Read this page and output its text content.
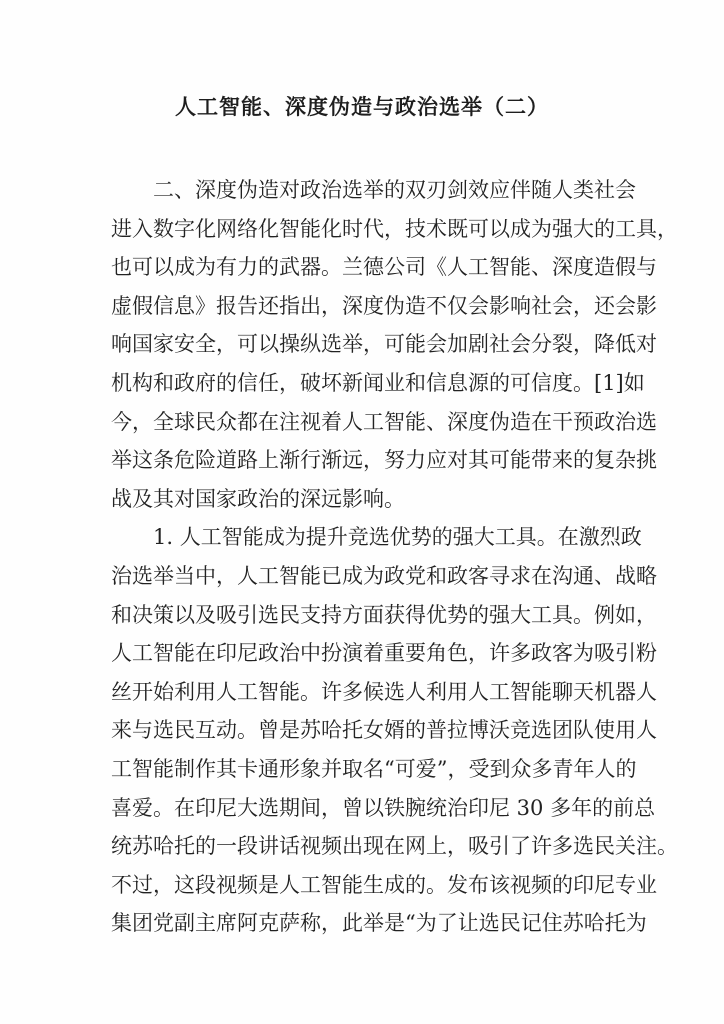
人工智能、深度伪造与政治选举（二）
二、深度伪造对政治选举的双刃剑效应伴随人类社会
进入数字化网络化智能化时代，技术既可以成为强大的工具，
也可以成为有力的武器。兰德公司《人工智能、深度造假与
虚假信息》报告还指出，深度伪造不仅会影响社会，还会影
响国家安全，可以操纵选举，可能会加剧社会分裂，降低对
机构和政府的信任，破坏新闻业和信息源的可信度。[1]如
今，全球民众都在注视着人工智能、深度伪造在干预政治选
举这条危险道路上渐行渐远，努力应对其可能带来的复杂挑
战及其对国家政治的深远影响。
1. 人工智能成为提升竞选优势的强大工具。在激烈政
治选举当中，人工智能已成为政党和政客寻求在沟通、战略
和决策以及吸引选民支持方面获得优势的强大工具。例如，
人工智能在印尼政治中扮演着重要角色，许多政客为吸引粉
丝开始利用人工智能。许多候选人利用人工智能聊天机器人
来与选民互动。曾是苏哈托女婿的普拉博沃竞选团队使用人
工智能制作其卡通形象并取名“可爱”，受到众多青年人的
喜爱。在印尼大选期间，曾以铁腕统治印尼 30 多年的前总
统苏哈托的一段讲话视频出现在网上，吸引了许多选民关注。
不过，这段视频是人工智能生成的。发布该视频的印尼专业
集团党副主席阿克萨称，此举是“为了让选民记住苏哈托为
